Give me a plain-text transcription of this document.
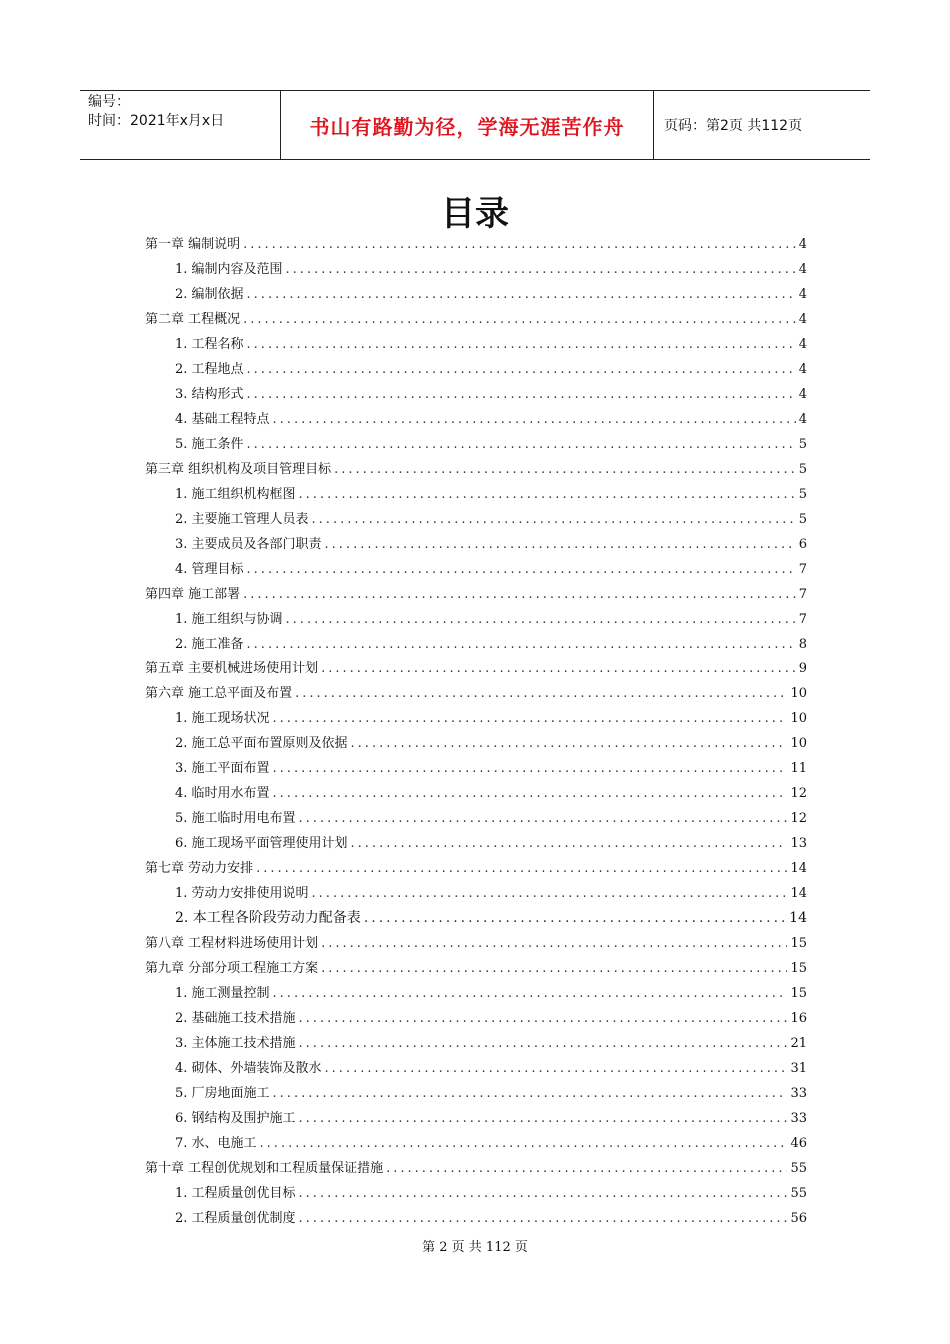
编号：
时间：2021年x月x日	书山有路勤为径，学海无涯苦作舟	页码：第2页 共112页
目录
第一章 编制说明 .....	4
1. 编制内容及范围 .....	4
2. 编制依据 .....	4
第二章 工程概况 .....	4
1. 工程名称 .....	4
2. 工程地点 .....	4
3. 结构形式 .....	4
4. 基础工程特点 .....	4
5. 施工条件 .....	5
第三章 组织机构及项目管理目标 .....	5
1. 施工组织机构框图 .....	5
2. 主要施工管理人员表 .....	5
3. 主要成员及各部门职责 .....	6
4. 管理目标 .....	7
第四章 施工部署 .....	7
1. 施工组织与协调 .....	7
2. 施工准备 .....	8
第五章 主要机械进场使用计划 .....	9
第六章 施工总平面及布置 .....	10
1. 施工现场状况 .....	10
2. 施工总平面布置原则及依据 .....	10
3. 施工平面布置 .....	11
4. 临时用水布置 .....	12
5. 施工临时用电布置 .....	12
6. 施工现场平面管理使用计划 .....	13
第七章 劳动力安排 .....	14
1. 劳动力安排使用说明 .....	14
2. 本工程各阶段劳动力配备表 .....	14
第八章 工程材料进场使用计划 .....	15
第九章 分部分项工程施工方案 .....	15
1. 施工测量控制 .....	15
2. 基础施工技术措施 .....	16
3. 主体施工技术措施 .....	21
4. 砌体、外墙装饰及散水 .....	31
5. 厂房地面施工 .....	33
6. 钢结构及围护施工 .....	33
7. 水、电施工 .....	46
第十章 工程创优规划和工程质量保证措施 .....	55
1. 工程质量创优目标 .....	55
2. 工程质量创优制度 .....	56
第 2 页 共 112 页
